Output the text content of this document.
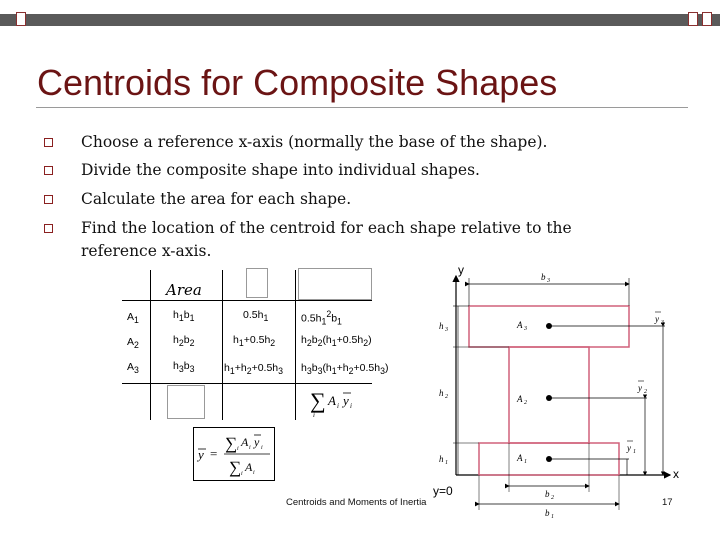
Centroids for Composite Shapes
Choose a reference x-axis (normally the base of the shape).
Divide the composite shape into individual shapes.
Calculate the area for each shape.
Find the location of the centroid for each shape relative to the
reference x-axis.
Area
$A_1$
$A_2$
$A_3$
$h_1b_1$
$h_2b_2$
$h_3b_3$
$0.5h_1$
$h_1+0.5h_2$
$h_1+h_2+0.5h_3$
$0.5h_1^2b_1$
$h_2b_2(h_1+0.5h_2)$
$h_3b_3(h_1+h_2+0.5h_3)$
∑
i
A i y i
y =
∑ i A i y i
∑ i A i
b 3
h 3
h 2
h 1
A 3
A 2
A 1
y 3
y 2
y 1
b 2
b 1
y
x
y=0
Centroids and Moments of Inertia	17
